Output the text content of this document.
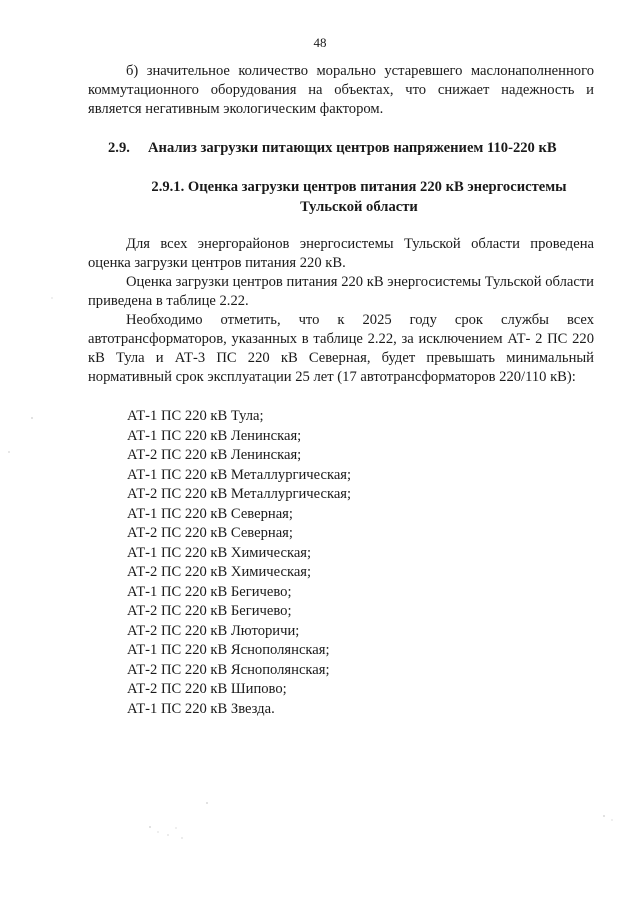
48
б) значительное количество морально устаревшего маслонаполненного коммутационного оборудования на объектах, что снижает надежность и является негативным экологическим фактором.
2.9. Анализ загрузки питающих центров напряжением 110-220 кВ
2.9.1. Оценка загрузки центров питания 220 кВ энергосистемы Тульской области
Для всех энергорайонов энергосистемы Тульской области проведена оценка загрузки центров питания 220 кВ.
Оценка загрузки центров питания 220 кВ энергосистемы Тульской области приведена в таблице 2.22.
Необходимо отметить, что к 2025 году срок службы всех автотрансформаторов, указанных в таблице 2.22, за исключением АТ- 2 ПС 220 кВ Тула и АТ-3 ПС 220 кВ Северная, будет превышать минимальный нормативный срок эксплуатации 25 лет (17 автотрансформаторов 220/110 кВ):
АТ-1 ПС 220 кВ Тула;
АТ-1 ПС 220 кВ Ленинская;
АТ-2 ПС 220 кВ Ленинская;
АТ-1 ПС 220 кВ Металлургическая;
АТ-2 ПС 220 кВ Металлургическая;
АТ-1 ПС 220 кВ Северная;
АТ-2 ПС 220 кВ Северная;
АТ-1 ПС 220 кВ Химическая;
АТ-2 ПС 220 кВ Химическая;
АТ-1 ПС 220 кВ Бегичево;
АТ-2 ПС 220 кВ Бегичево;
АТ-2 ПС 220 кВ Люторичи;
АТ-1 ПС 220 кВ Яснополянская;
АТ-2 ПС 220 кВ Яснополянская;
АТ-2 ПС 220 кВ Шипово;
АТ-1 ПС 220 кВ Звезда.
